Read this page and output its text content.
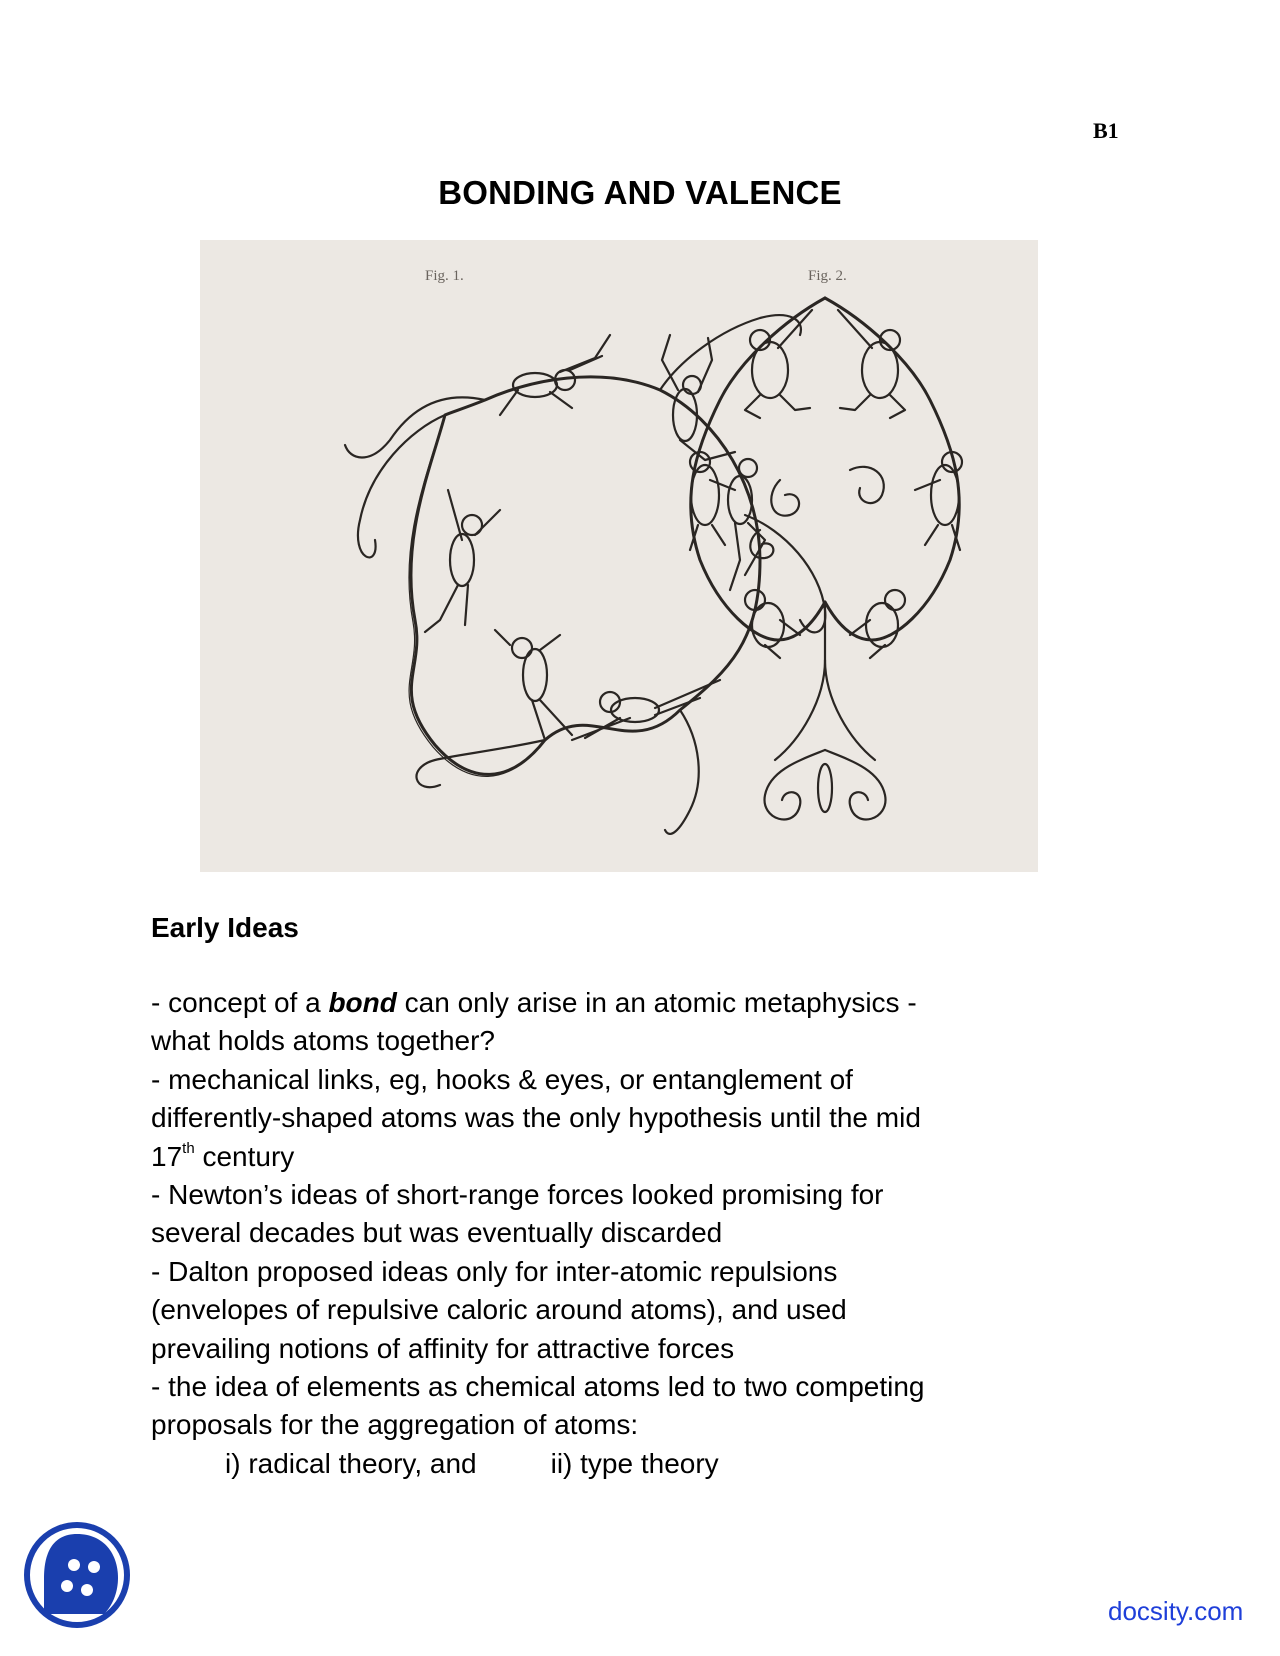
B1
BONDING AND VALENCE
Fig. 1.	Fig. 2.
Early Ideas
- concept of a bond can only arise in an atomic metaphysics -
what holds atoms together?
- mechanical links, eg, hooks & eyes, or entanglement of
differently-shaped atoms was the only hypothesis until the mid
17th century
- Newton’s ideas of short-range forces looked promising for
several decades but was eventually discarded
- Dalton proposed ideas only for inter-atomic repulsions
(envelopes of repulsive caloric around atoms), and used
prevailing notions of affinity for attractive forces
- the idea of elements as chemical atoms led to two competing
proposals for the aggregation of atoms:
i) radical theory, and	ii) type theory
docsity.com
